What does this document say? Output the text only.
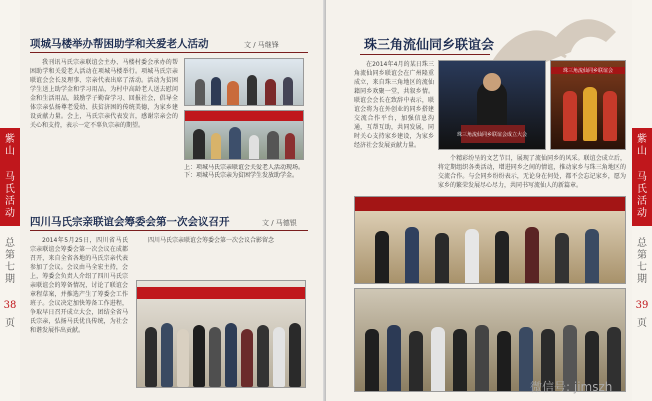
紫山
马氏活动
总第七期
38
页
项城马楼举办帮困助学和关爱老人活动	文 / 马继锋

我刊讯马氏宗亲联谊会主办、马楼村委会承办的帮困助学和关爱老人活动在项城马楼举行。项城马氏宗亲联谊会会长及理事、宗亲代表出席了活动。活动为贫困学生送上助学金和学习用品，为村中高龄老人送去慰问金和生活用品，鼓励学子勤奋学习、回报社会，倡导全体宗亲弘扬尊老爱幼、扶贫济困的传统美德，为家乡建设贡献力量。会上，马氏宗亲代表发言，感谢宗亲会的关心和支持，表示一定不辜负宗亲的期望。

上：项城马氏宗亲联谊会关爱老人活动现场。下：项城马氏宗亲为贫困学生发放助学金。
四川马氏宗亲联谊会筹委会第一次会议召开	文 / 马德银

2014年5月25日，四川省马氏宗亲联谊会筹委会第一次会议在成都召开，来自全省各地的马氏宗亲代表参加了会议。会议由马全宏主持，会上，筹委会负责人介绍了四川马氏宗亲联谊会的筹备情况，讨论了联谊会章程草案，并推选产生了筹委会工作班子。会议决定加快筹备工作进程，争取早日召开成立大会，团结全省马氏宗亲，弘扬马氏优良传统，为社会和谐发展作出贡献。

四川马氏宗亲联谊会筹委会第一次会议合影留念

紫山
马氏活动
总第七期
39
页
珠三角流仙同乡联谊会

在2014年4月的某日珠三角流仙同乡联谊会在广州隆重成立，来自珠三角地区的流仙籍同乡欢聚一堂，共叙乡情。联谊会会长在致辞中表示，联谊会将为在外创业的同乡搭建交流合作平台，加强信息沟通，互帮互助，共同发展，同时关心支持家乡建设，为家乡经济社会发展贡献力量。

珠三角流仙同乡联谊会成立大会
珠三角流仙同乡联谊会

个精彩纷呈的文艺节目，展现了流仙同乡的风采。联谊会成立后，将定期组织各类活动，增进同乡之间的情谊，推动家乡与珠三角地区的交流合作。与会同乡纷纷表示，无论身在何处，都不会忘记家乡，愿为家乡的繁荣发展尽心尽力，共同书写流仙人的新篇章。

微信号: jimszh
